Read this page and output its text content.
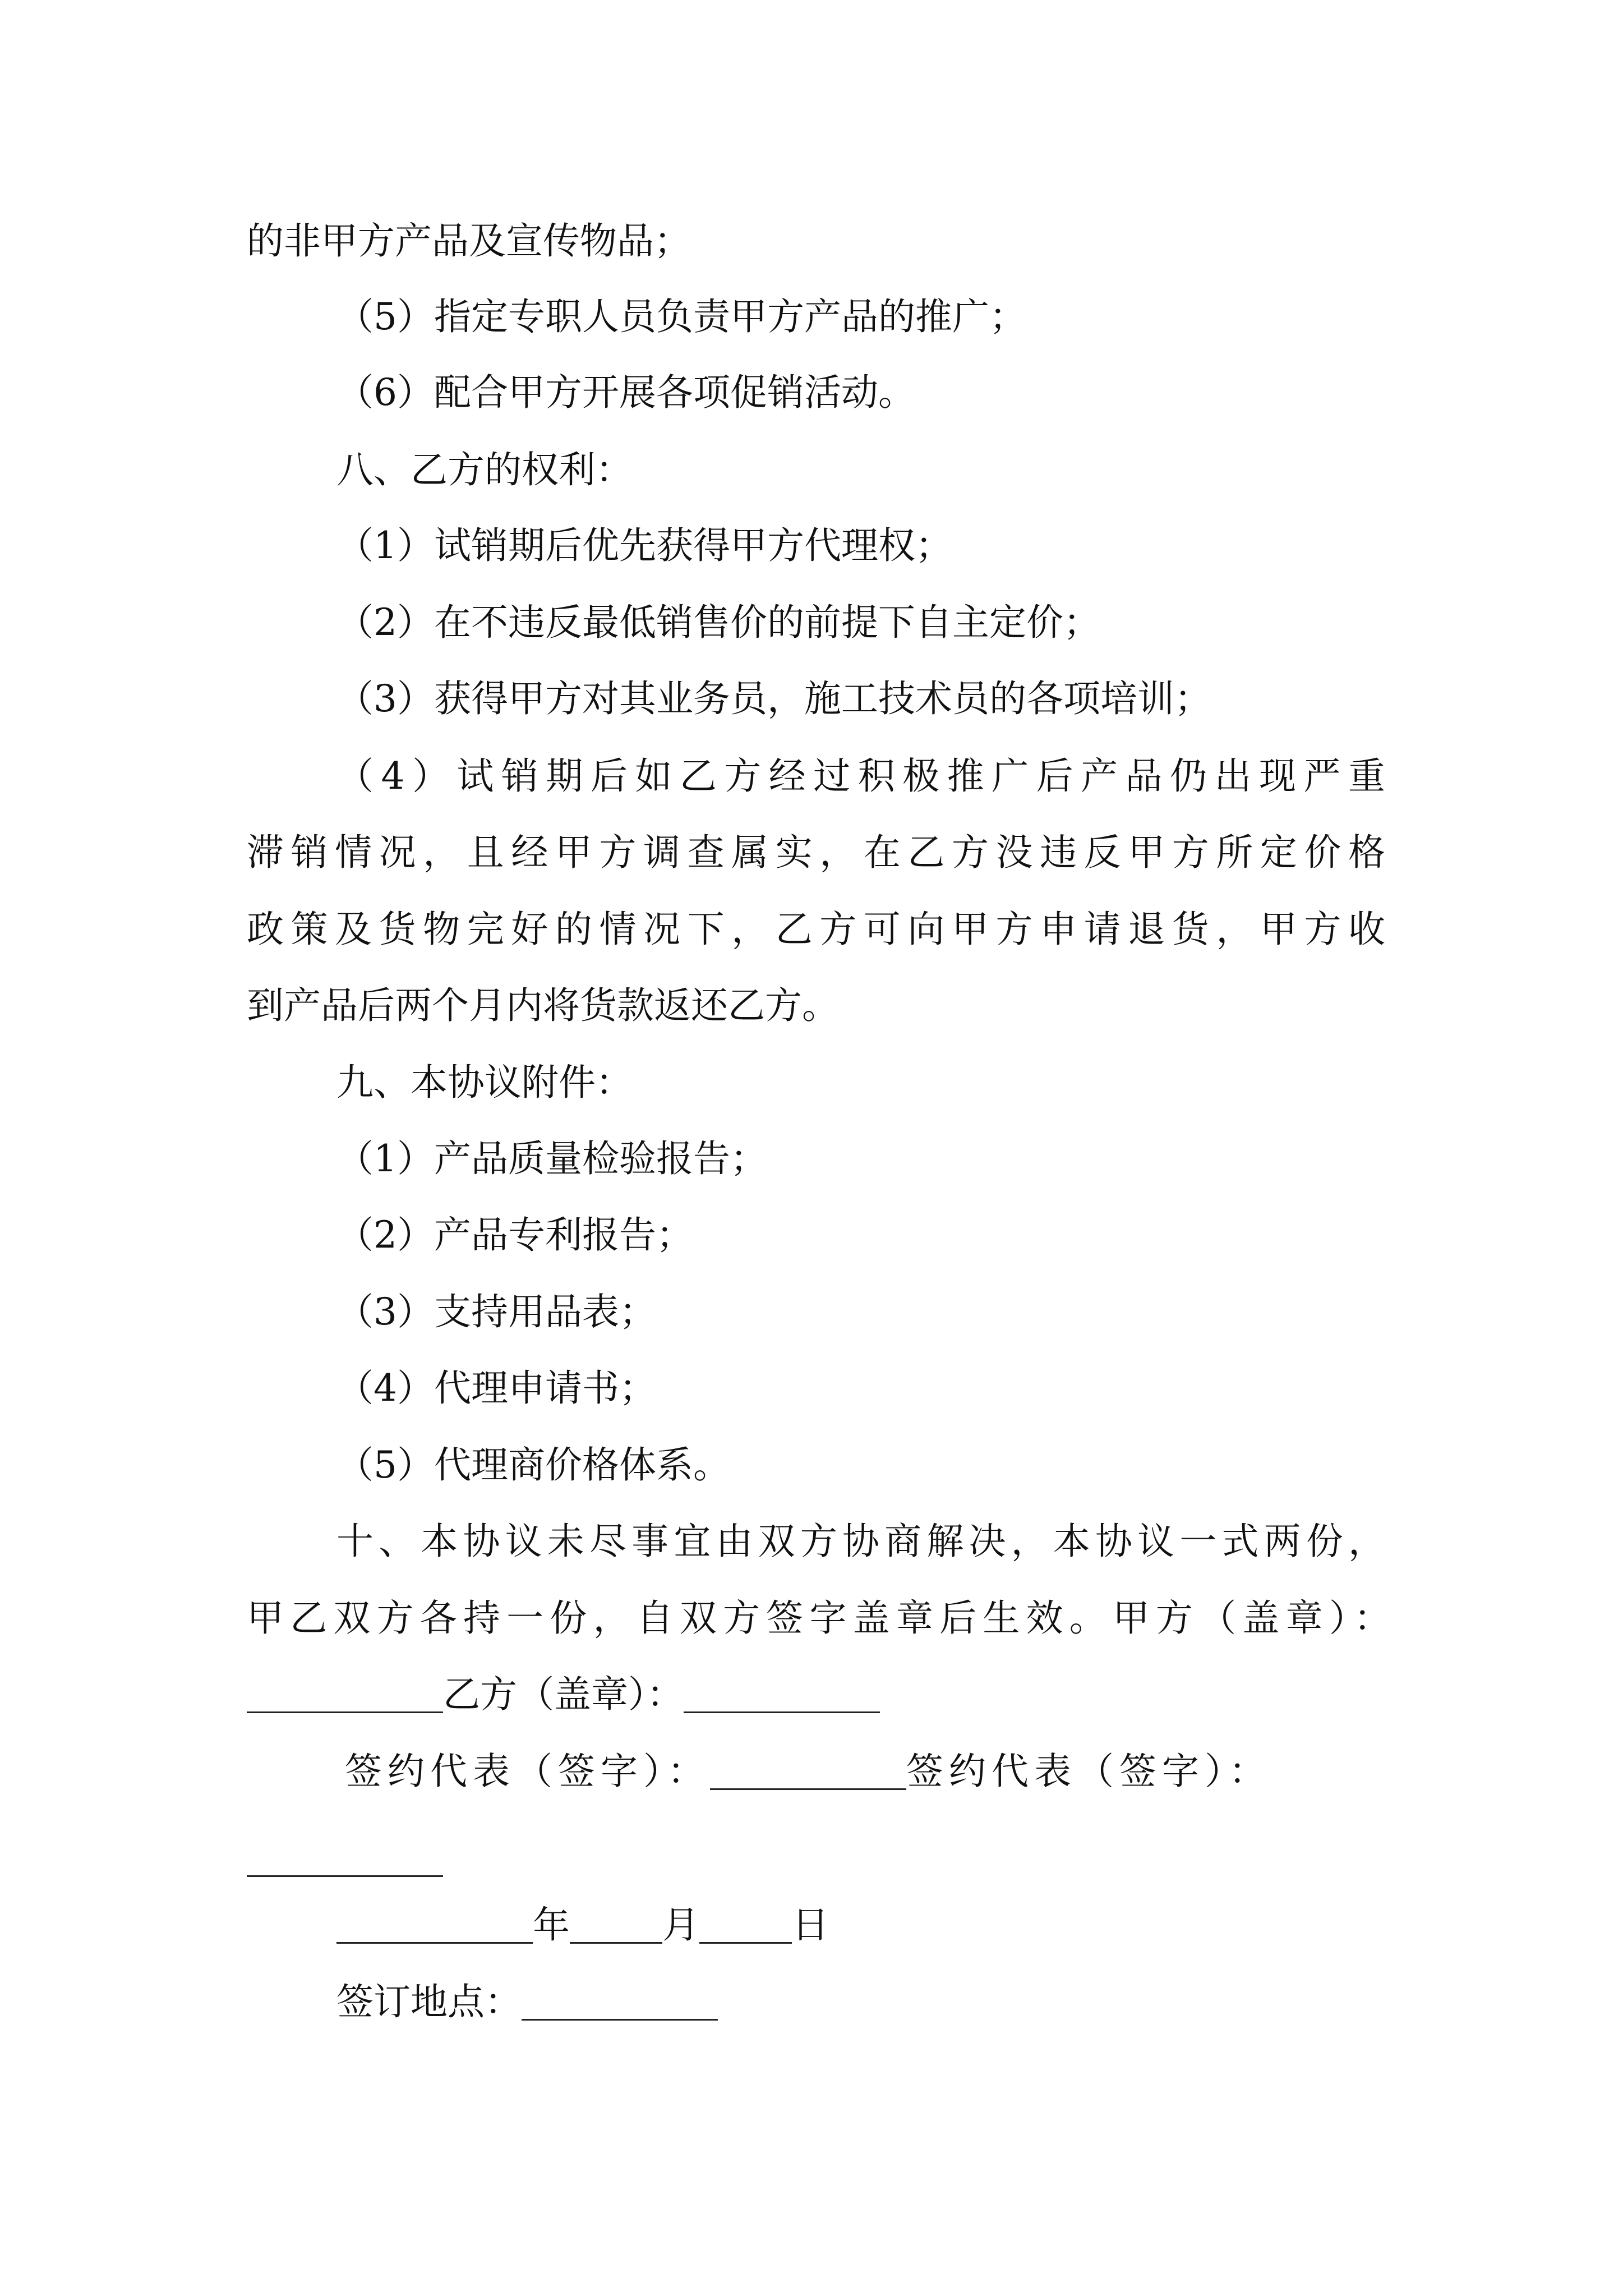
的非甲方产品及宣传物品；
（5）指定专职人员负责甲方产品的推广；
（6）配合甲方开展各项促销活动。
八、乙方的权利：
（1）试销期后优先获得甲方代理权；
（2）在不违反最低销售价的前提下自主定价；
（3）获得甲方对其业务员，施工技术员的各项培训；
（4）试销期后如乙方经过积极推广后产品仍出现严重
滞销情况，且经甲方调查属实，在乙方没违反甲方所定价格
政策及货物完好的情况下，乙方可向甲方申请退货，甲方收
到产品后两个月内将货款返还乙方。
九、本协议附件：
（1）产品质量检验报告；
（2）产品专利报告；
（3）支持用品表；
（4）代理申请书；
（5）代理商价格体系。
十、本协议未尽事宜由双方协商解决，本协议一式两份，
甲乙双方各持一份，自双方签字盖章后生效。甲方（盖章）：
乙方（盖章）：
签约代表（签字）：	签约代表（签字）：
年	月	日
签订地点：
